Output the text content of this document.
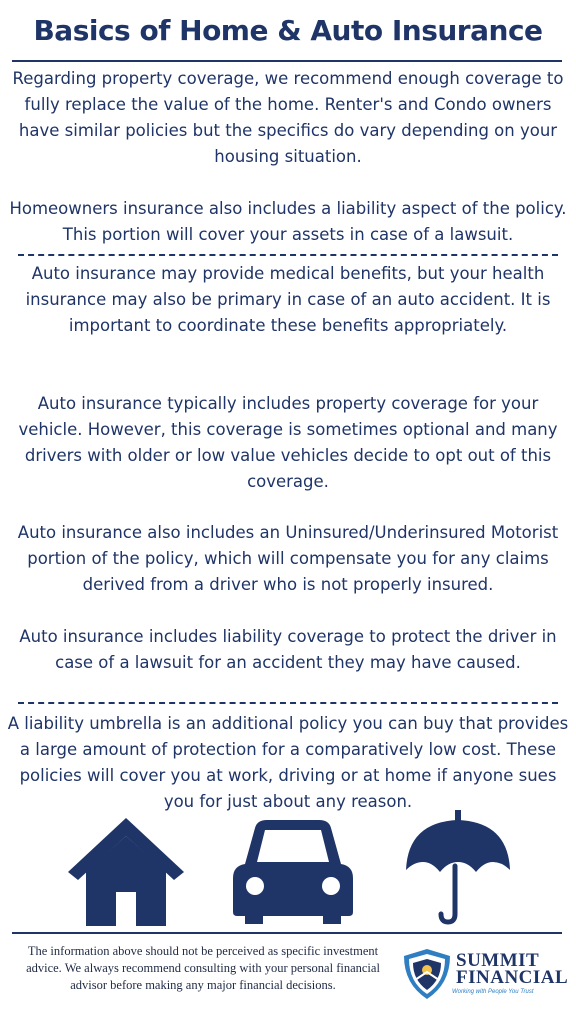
Basics of Home & Auto Insurance

Regarding property coverage, we recommend enough coverage to fully replace the value of the home. Renter's and Condo owners have similar policies but the specifics do vary depending on your housing situation.

Homeowners insurance also includes a liability aspect of the policy. This portion will cover your assets in case of a lawsuit.

Auto insurance may provide medical benefits, but your health insurance may also be primary in case of an auto accident. It is important to coordinate these benefits appropriately.

Auto insurance typically includes property coverage for your vehicle. However, this coverage is sometimes optional and many drivers with older or low value vehicles decide to opt out of this coverage.

Auto insurance also includes an Uninsured/Underinsured Motorist portion of the policy, which will compensate you for any claims derived from a driver who is not properly insured.

Auto insurance includes liability coverage to protect the driver in case of a lawsuit for an accident they may have caused.

A liability umbrella is an additional policy you can buy that provides a large amount of protection for a comparatively low cost. These policies will cover you at work, driving or at home if anyone sues you for just about any reason.

The information above should not be perceived as specific investment advice. We always recommend consulting with your personal financial advisor before making any major financial decisions.

SUMMIT
FINANCIAL
Working with People You Trust
